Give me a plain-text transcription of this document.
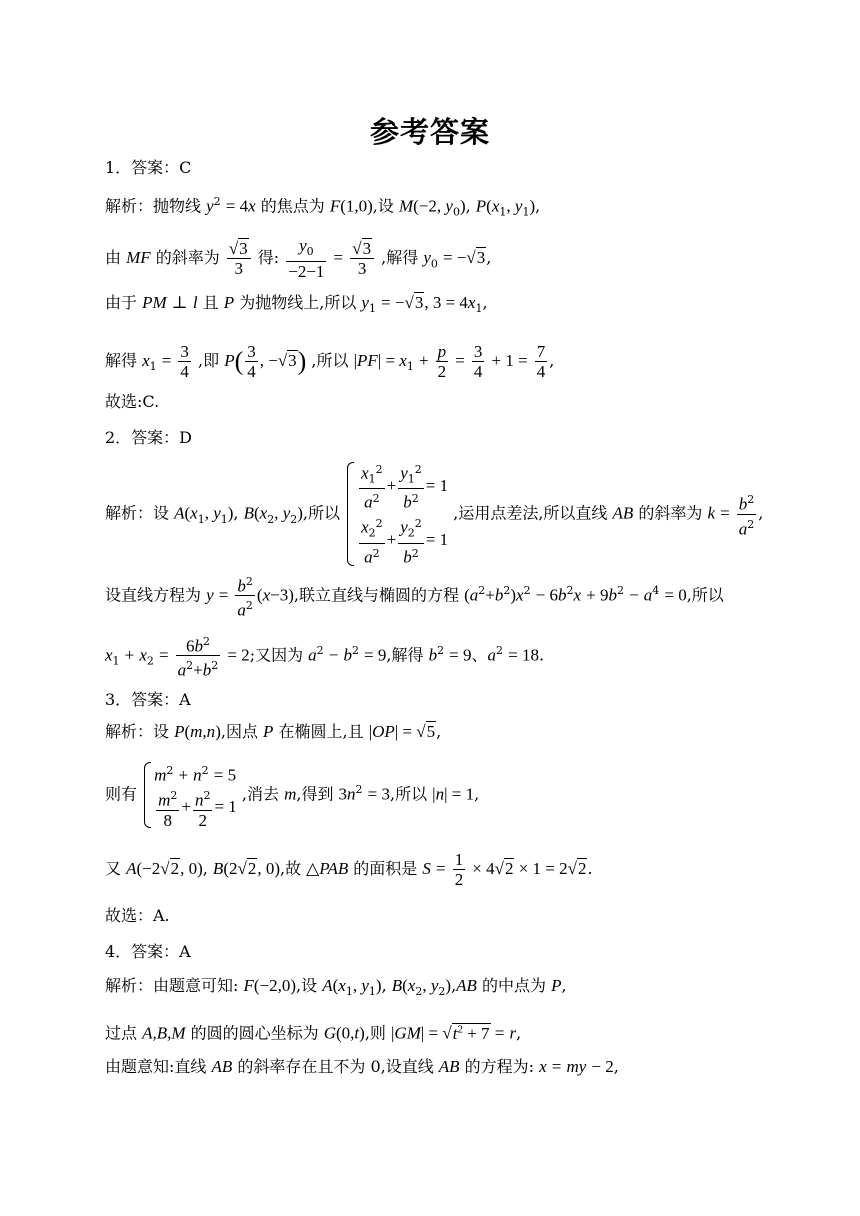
参考答案
1．答案：C
解析：抛物线 $y^2 = 4x$ 的焦点为 F(1,0),设 M(−2, $y_0$), $P(x_1$, $y_1$),
由 MF 的斜率为 $\frac{√3}{3}$ 得: $\frac{y_0}{-2-1} = \frac{√3}{3}$ ,解得 $y_0 = -√3$,
由于 PM ⊥ l 且 P 为抛物线上,所以 $y_1 = -√3$, $3 = 4x_1$,
解得 $x_1 = \frac{3}{4}$ ,即 $P( \frac{3}{4}$ , −√3) ,所以 $|PF| = x_1 + \frac{p}{2} = \frac{3}{4} + 1 = \frac{7}{4}$ ,
故选:C.
2．答案：D
解析：设 $A(x_1$, $y_1$), $B(x_2$, $y_2$),所以 $\frac{x_1^2}{a^2} + \frac{y_1^2}{b^2} = 1$
$\frac{x_2^2}{a^2} + \frac{y_2^2}{b^2} = 1$
,运用点差法,所以直线 AB 的斜率为 $k = \frac{b^2}{a^2}$ ,
设直线方程为 $y = \frac{b^2}{a^2} (x-3)$,联立直线与椭圆的方程 $(a^2+b^2)x^2 - 6b^2x + 9b^2 - a^4 = 0$,所以
$x_1 + x_2 = \frac{6b^2}{a^2+b^2} = 2$;又因为 $a^2 - b^2 = 9$,解得 $b^2 = 9$、$a^2 = 18$.
3．答案：A
解析：设 P(m,n),因点 P 在椭圆上,且 |OP| = √5,
则有
$m^2 + n^2 = 5$
$\frac{m^2}{8} + \frac{n^2}{2} = 1$
,消去 m,得到 $3n^2 = 3$,所以 |n| = 1,
又 A(−2√2, 0), B(2√2, 0),故 △PAB 的面积是 $S = \frac{1}{2} \times 4√2 \times 1 = 2√2$.
故选：A.
4．答案：A
解析：由题意可知: F(−2,0),设 $A(x_1$, $y_1$), $B(x_2$, $y_2),AB$ 的中点为 P,
过点 A,B,M 的圆的圆心坐标为 G(0,t),则 $|GM| = √t^2 + 7 = r$,
由题意知:直线 AB 的斜率存在且不为 0,设直线 AB 的方程为: x = my − 2,
